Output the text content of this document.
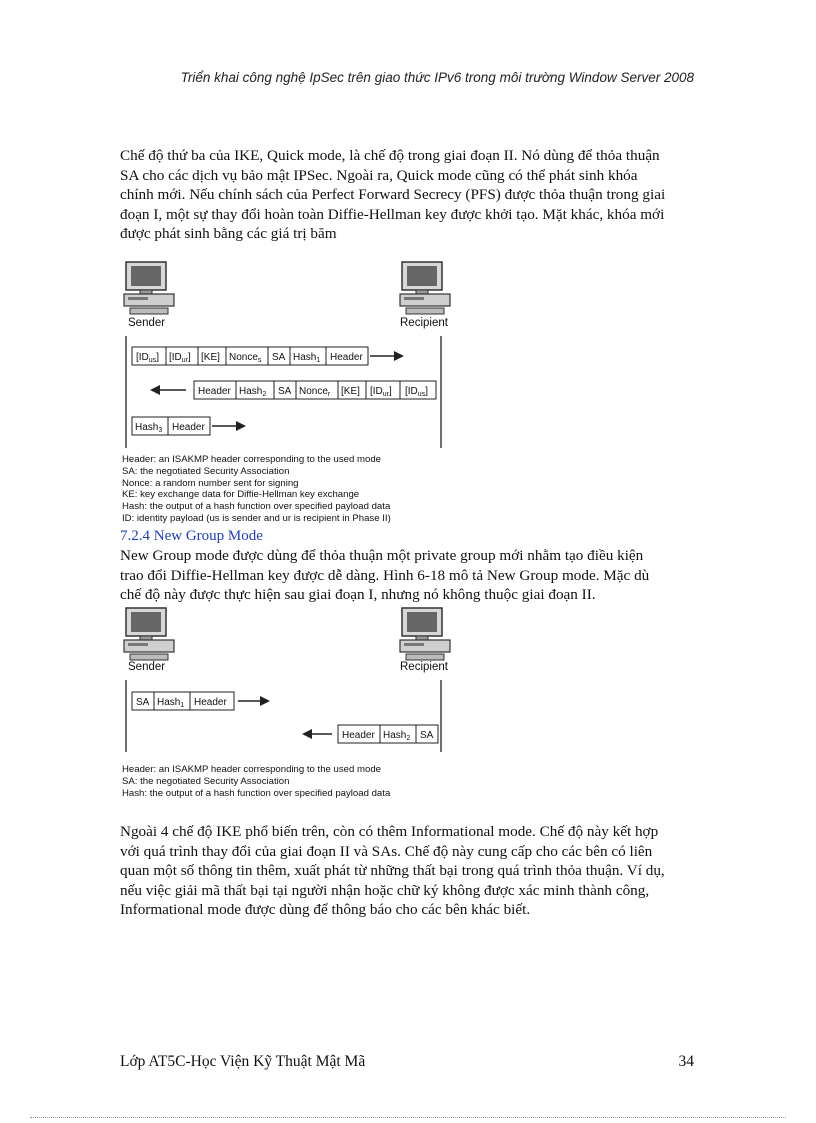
Triển khai công nghệ IpSec trên giao thức IPv6 trong môi trường Window Server 2008
Chế độ thứ ba của IKE, Quick mode, là chế độ trong giai đoạn II. Nó dùng để thỏa thuận
SA cho các dịch vụ bảo mật IPSec. Ngoài ra, Quick mode cũng có thể phát sinh khóa
chính mới. Nếu chính sách của Perfect Forward Secrecy (PFS) được thỏa thuận trong giai
đoạn I, một sự thay đổi hoàn toàn Diffie-Hellman key được khởi tạo. Mặt khác, khóa mới
được phát sinh bằng các giá trị băm
Sender	Recipient
$[ID_{us}]$ $[ID_{ur}]$ [KE] Nonce$_s$ SA Hash$_1$ Header
Header Hash$_2$ SA Nonce$_r$ [KE] $[ID_{ur}]$ $[ID_{us}]$
Hash$_3$ Header
Header: an ISAKMP header corresponding to the used mode
SA: the negotiated Security Association
Nonce: a random number sent for signing
KE: key exchange data for Diffie-Hellman key exchange
Hash: the output of a hash function over specified payload data
ID: identity payload (us is sender and ur is recipient in Phase II)
7.2.4 New Group Mode
New Group mode được dùng để thỏa thuận một private group mới nhằm tạo điều kiện
trao đổi Diffie-Hellman key được dễ dàng. Hình 6-18 mô tả New Group mode. Mặc dù
chế độ này được thực hiện sau giai đoạn I, nhưng nó không thuộc giai đoạn II.
Sender	Recipient
SA Hash$_1$ Header
Header Hash$_2$ SA
Header: an ISAKMP header corresponding to the used mode
SA: the negotiated Security Association
Hash: the output of a hash function over specified payload data
Ngoài 4 chế độ IKE phổ biến trên, còn có thêm Informational mode. Chế độ này kết hợp
với quá trình thay đổi của giai đoạn II và SAs. Chế độ này cung cấp cho các bên có liên
quan một số thông tin thêm, xuất phát từ những thất bại trong quá trình thỏa thuận. Ví dụ,
nếu việc giải mã thất bại tại người nhận hoặc chữ ký không được xác minh thành công,
Informational mode được dùng để thông báo cho các bên khác biết.
Lớp AT5C-Học Viện Kỹ Thuật Mật Mã	34
